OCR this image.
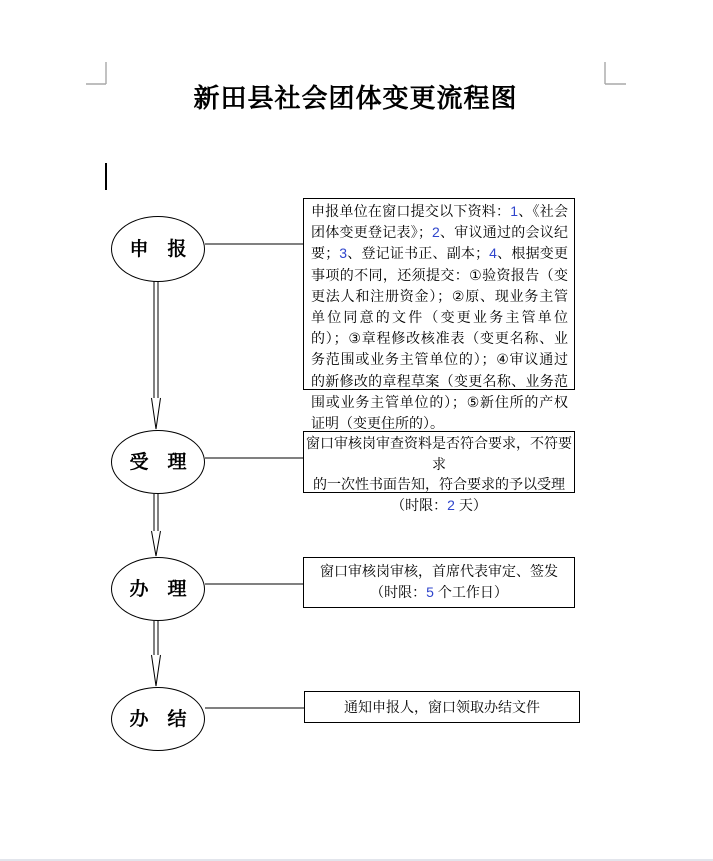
新田县社会团体变更流程图
申　报
受　理
办　理
办　结
申报单位在窗口提交以下资料：1、《社会团体变更登记表》；2、审议通过的会议纪要；3、登记证书正、副本；4、根据变更事项的不同，还须提交：①验资报告（变更法人和注册资金）；②原、现业务主管单位同意的文件（变更业务主管单位的）；③章程修改核准表（变更名称、业务范围或业务主管单位的）；④审议通过的新修改的章程草案（变更名称、业务范围或业务主管单位的）；⑤新住所的产权证明（变更住所的）。
窗口审核岗审查资料是否符合要求，不符要求
的一次性书面告知，符合要求的予以受理
（时限：2 天）
窗口审核岗审核，首席代表审定、签发
（时限：5 个工作日）
通知申报人，窗口领取办结文件
